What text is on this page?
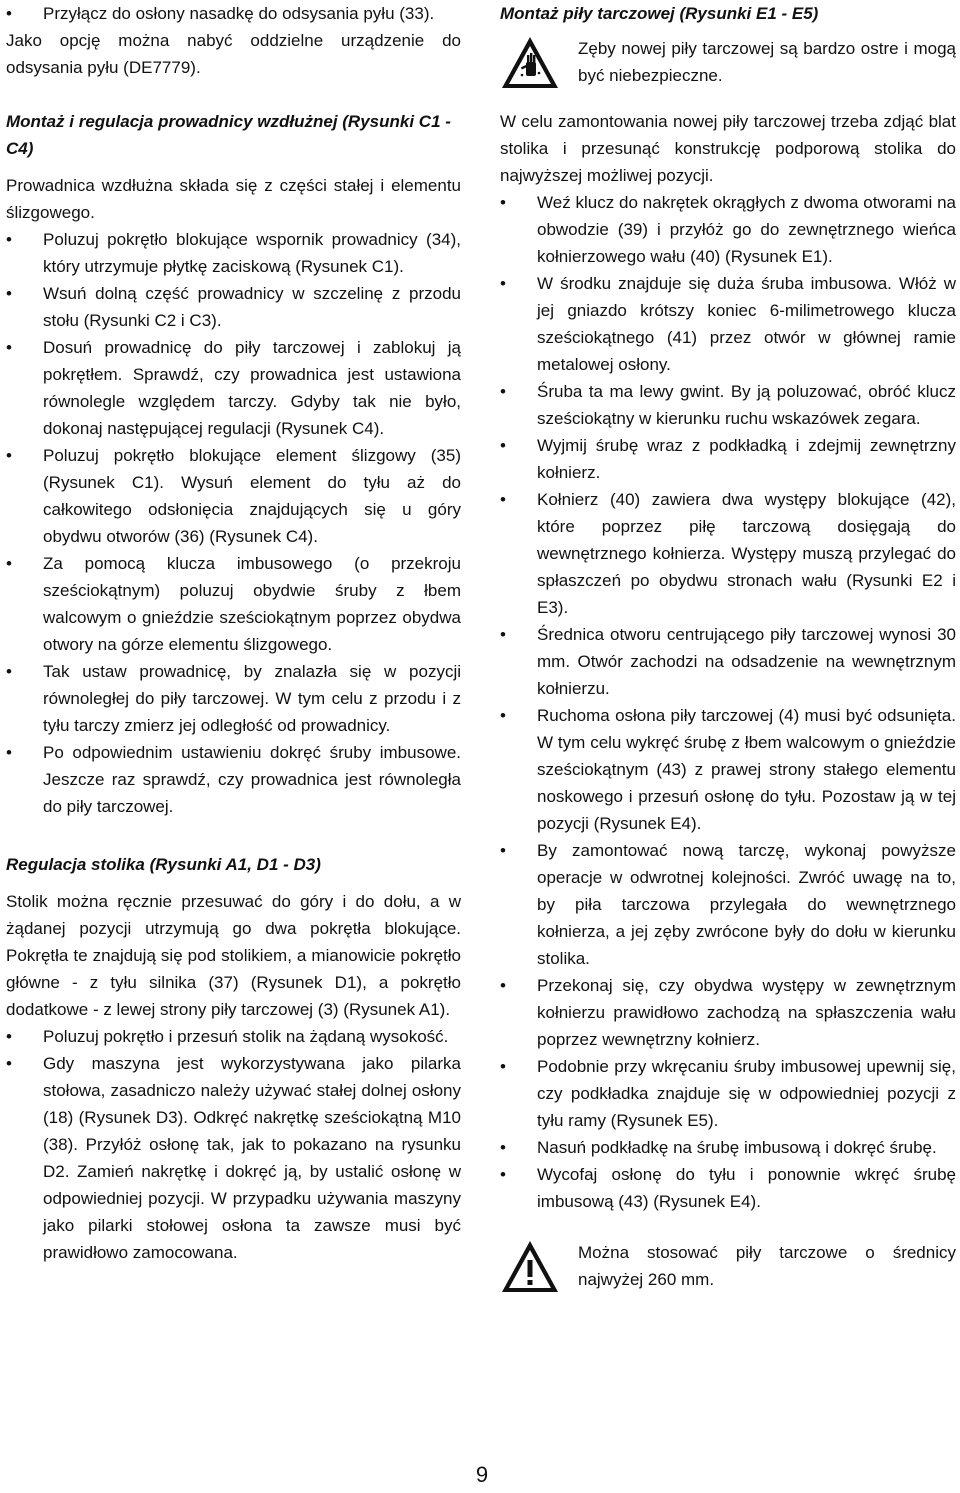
• Przyłącz do osłony nasadkę do odsysania pyłu (33).

Jako opcję można nabyć oddzielne urządzenie do odsysania pyłu (DE7779).

Montaż i regulacja prowadnicy wzdłużnej (Rysunki C1 - C4)

Prowadnica wzdłużna składa się z części stałej i elementu ślizgowego.

• Poluzuj pokrętło blokujące wspornik prowadnicy (34), który utrzymuje płytkę zaciskową (Rysunek C1).
• Wsuń dolną część prowadnicy w szczelinę z przodu stołu (Rysunki C2 i C3).
• Dosuń prowadnicę do piły tarczowej i zablokuj ją pokrętłem. Sprawdź, czy prowadnica jest ustawiona równolegle względem tarczy. Gdyby tak nie było, dokonaj następującej regulacji (Rysunek C4).
• Poluzuj pokrętło blokujące element ślizgowy (35) (Rysunek C1). Wysuń element do tyłu aż do całkowitego odsłonięcia znajdujących się u góry obydwu otworów (36) (Rysunek C4).
• Za pomocą klucza imbusowego (o przekroju sześciokątnym) poluzuj obydwie śruby z łbem walcowym o gnieździe sześciokątnym poprzez obydwa otwory na górze elementu ślizgowego.
• Tak ustaw prowadnicę, by znalazła się w pozycji równoległej do piły tarczowej. W tym celu z przodu i z tyłu tarczy zmierz jej odległość od prowadnicy.
• Po odpowiednim ustawieniu dokręć śruby imbusowe. Jeszcze raz sprawdź, czy prowadnica jest równoległa do piły tarczowej.
Regulacja stolika (Rysunki A1, D1 - D3)

Stolik można ręcznie przesuwać do góry i do dołu, a w żądanej pozycji utrzymują go dwa pokrętła blokujące. Pokrętła te znajdują się pod stolikiem, a mianowicie pokrętło główne - z tyłu silnika (37) (Rysunek D1), a pokrętło dodatkowe - z lewej strony piły tarczowej (3) (Rysunek A1).

• Poluzuj pokrętło i przesuń stolik na żądaną wysokość.
• Gdy maszyna jest wykorzystywana jako pilarka stołowa, zasadniczo należy używać stałej dolnej osłony (18) (Rysunek D3). Odkręć nakrętkę sześciokątną M10 (38). Przyłóż osłonę tak, jak to pokazano na rysunku D2. Zamień nakrętkę i dokręć ją, by ustalić osłonę w odpowiedniej pozycji. W przypadku używania maszyny jako pilarki stołowej osłona ta zawsze musi być prawidłowo zamocowana.
Montaż piły tarczowej (Rysunki E1 - E5)

Zęby nowej piły tarczowej są bardzo ostre i mogą być niebezpieczne.

W celu zamontowania nowej piły tarczowej trzeba zdjąć blat stolika i przesunąć konstrukcję podporową stolika do najwyższej możliwej pozycji.

• Weź klucz do nakrętek okrągłych z dwoma otworami na obwodzie (39) i przyłóż go do zewnętrznego wieńca kołnierzowego wału (40) (Rysunek E1).
• W środku znajduje się duża śruba imbusowa. Włóż w jej gniazdo krótszy koniec 6-milimetrowego klucza sześciokątnego (41) przez otwór w głównej ramie metalowej osłony.
• Śruba ta ma lewy gwint. By ją poluzować, obróć klucz sześciokątny w kierunku ruchu wskazówek zegara.
• Wyjmij śrubę wraz z podkładką i zdejmij zewnętrzny kołnierz.
• Kołnierz (40) zawiera dwa występy blokujące (42), które poprzez piłę tarczową dosięgają do wewnętrznego kołnierza. Występy muszą przylegać do spłaszczeń po obydwu stronach wału (Rysunki E2 i E3).
• Średnica otworu centrującego piły tarczowej wynosi 30 mm. Otwór zachodzi na odsadzenie na wewnętrznym kołnierzu.
• Ruchoma osłona piły tarczowej (4) musi być odsunięta. W tym celu wykręć śrubę z łbem walcowym o gnieździe sześciokątnym (43) z prawej strony stałego elementu noskowego i przesuń osłonę do tyłu. Pozostaw ją w tej pozycji (Rysunek E4).
• By zamontować nową tarczę, wykonaj powyższe operacje w odwrotnej kolejności. Zwróć uwagę na to, by piła tarczowa przylegała do wewnętrznego kołnierza, a jej zęby zwrócone były do dołu w kierunku stolika.
• Przekonaj się, czy obydwa występy w zewnętrznym kołnierzu prawidłowo zachodzą na spłaszczenia wału poprzez wewnętrzny kołnierz.
• Podobnie przy wkręcaniu śruby imbusowej upewnij się, czy podkładka znajduje się w odpowiedniej pozycji z tyłu ramy (Rysunek E5).
• Nasuń podkładkę na śrubę imbusową i dokręć śrubę.
• Wycofaj osłonę do tyłu i ponownie wkręć śrubę imbusową (43) (Rysunek E4).

Można stosować piły tarczowe o średnicy najwyżej 260 mm.

9
